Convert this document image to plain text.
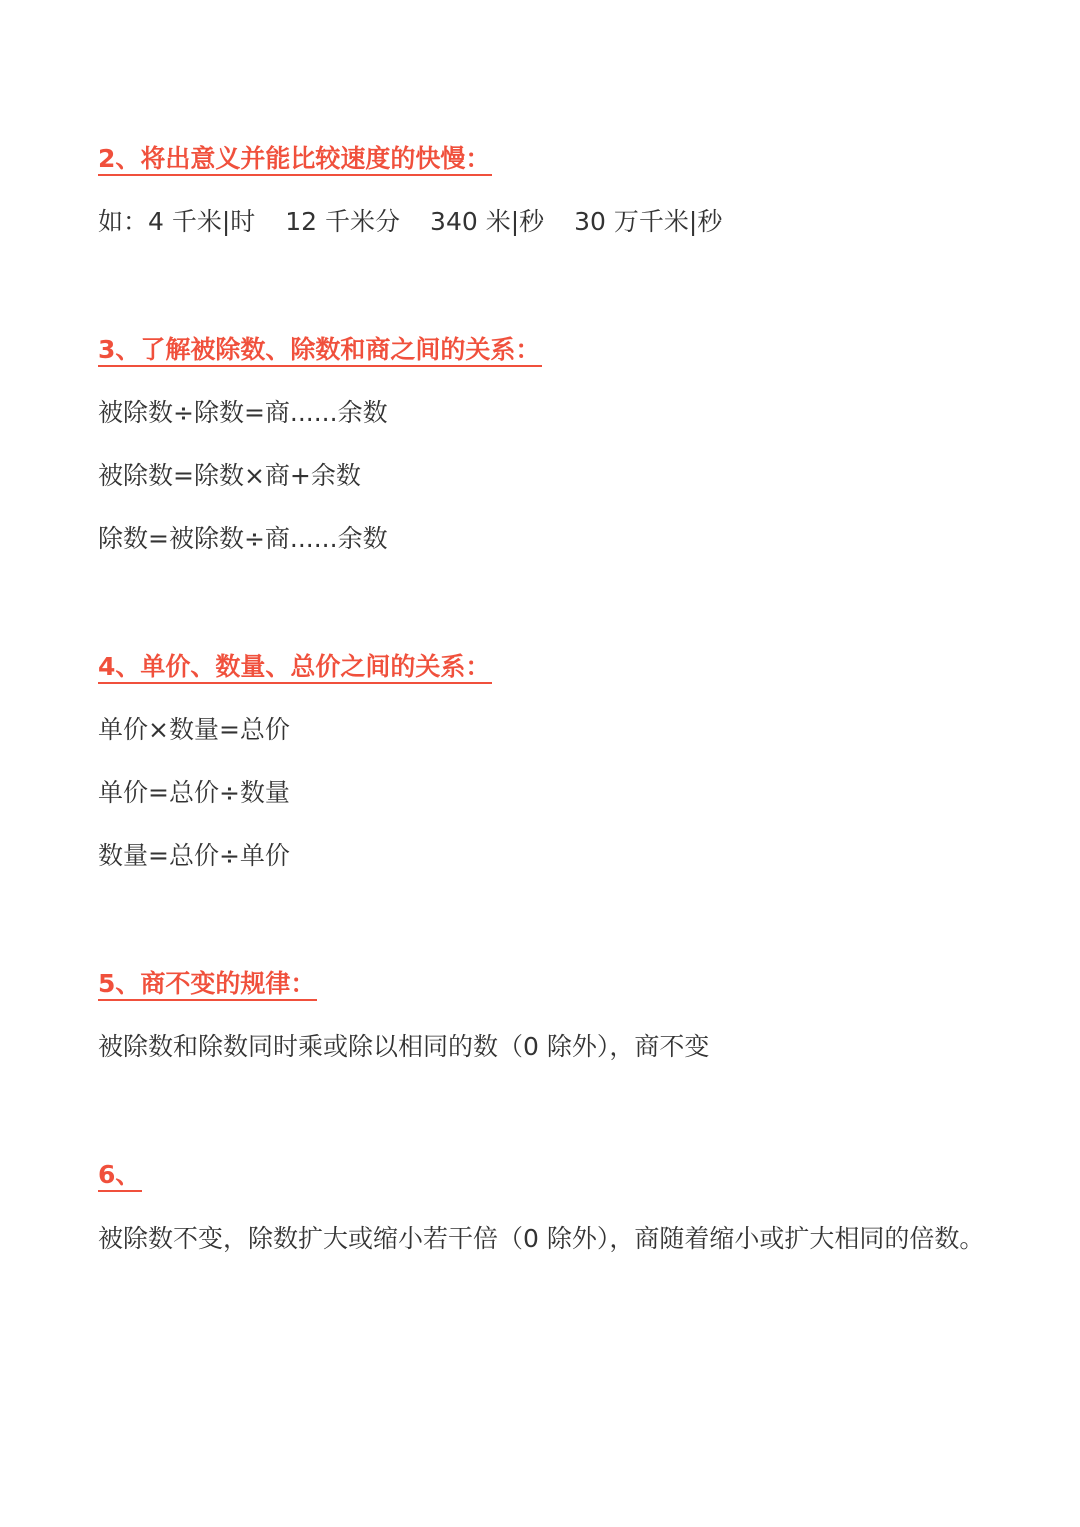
2、将出意义并能比较速度的快慢：
如：4 千米|时 12 千米分 340 米|秒 30 万千米|秒
3、了解被除数、除数和商之间的关系：
被除数÷除数=商......余数
被除数=除数×商+余数
除数=被除数÷商......余数
4、单价、数量、总价之间的关系：
单价×数量=总价
单价=总价÷数量
数量=总价÷单价
5、商不变的规律：
被除数和除数同时乘或除以相同的数（0 除外），商不变
6、
被除数不变，除数扩大或缩小若干倍（0 除外），商随着缩小或扩大相同的倍数。
